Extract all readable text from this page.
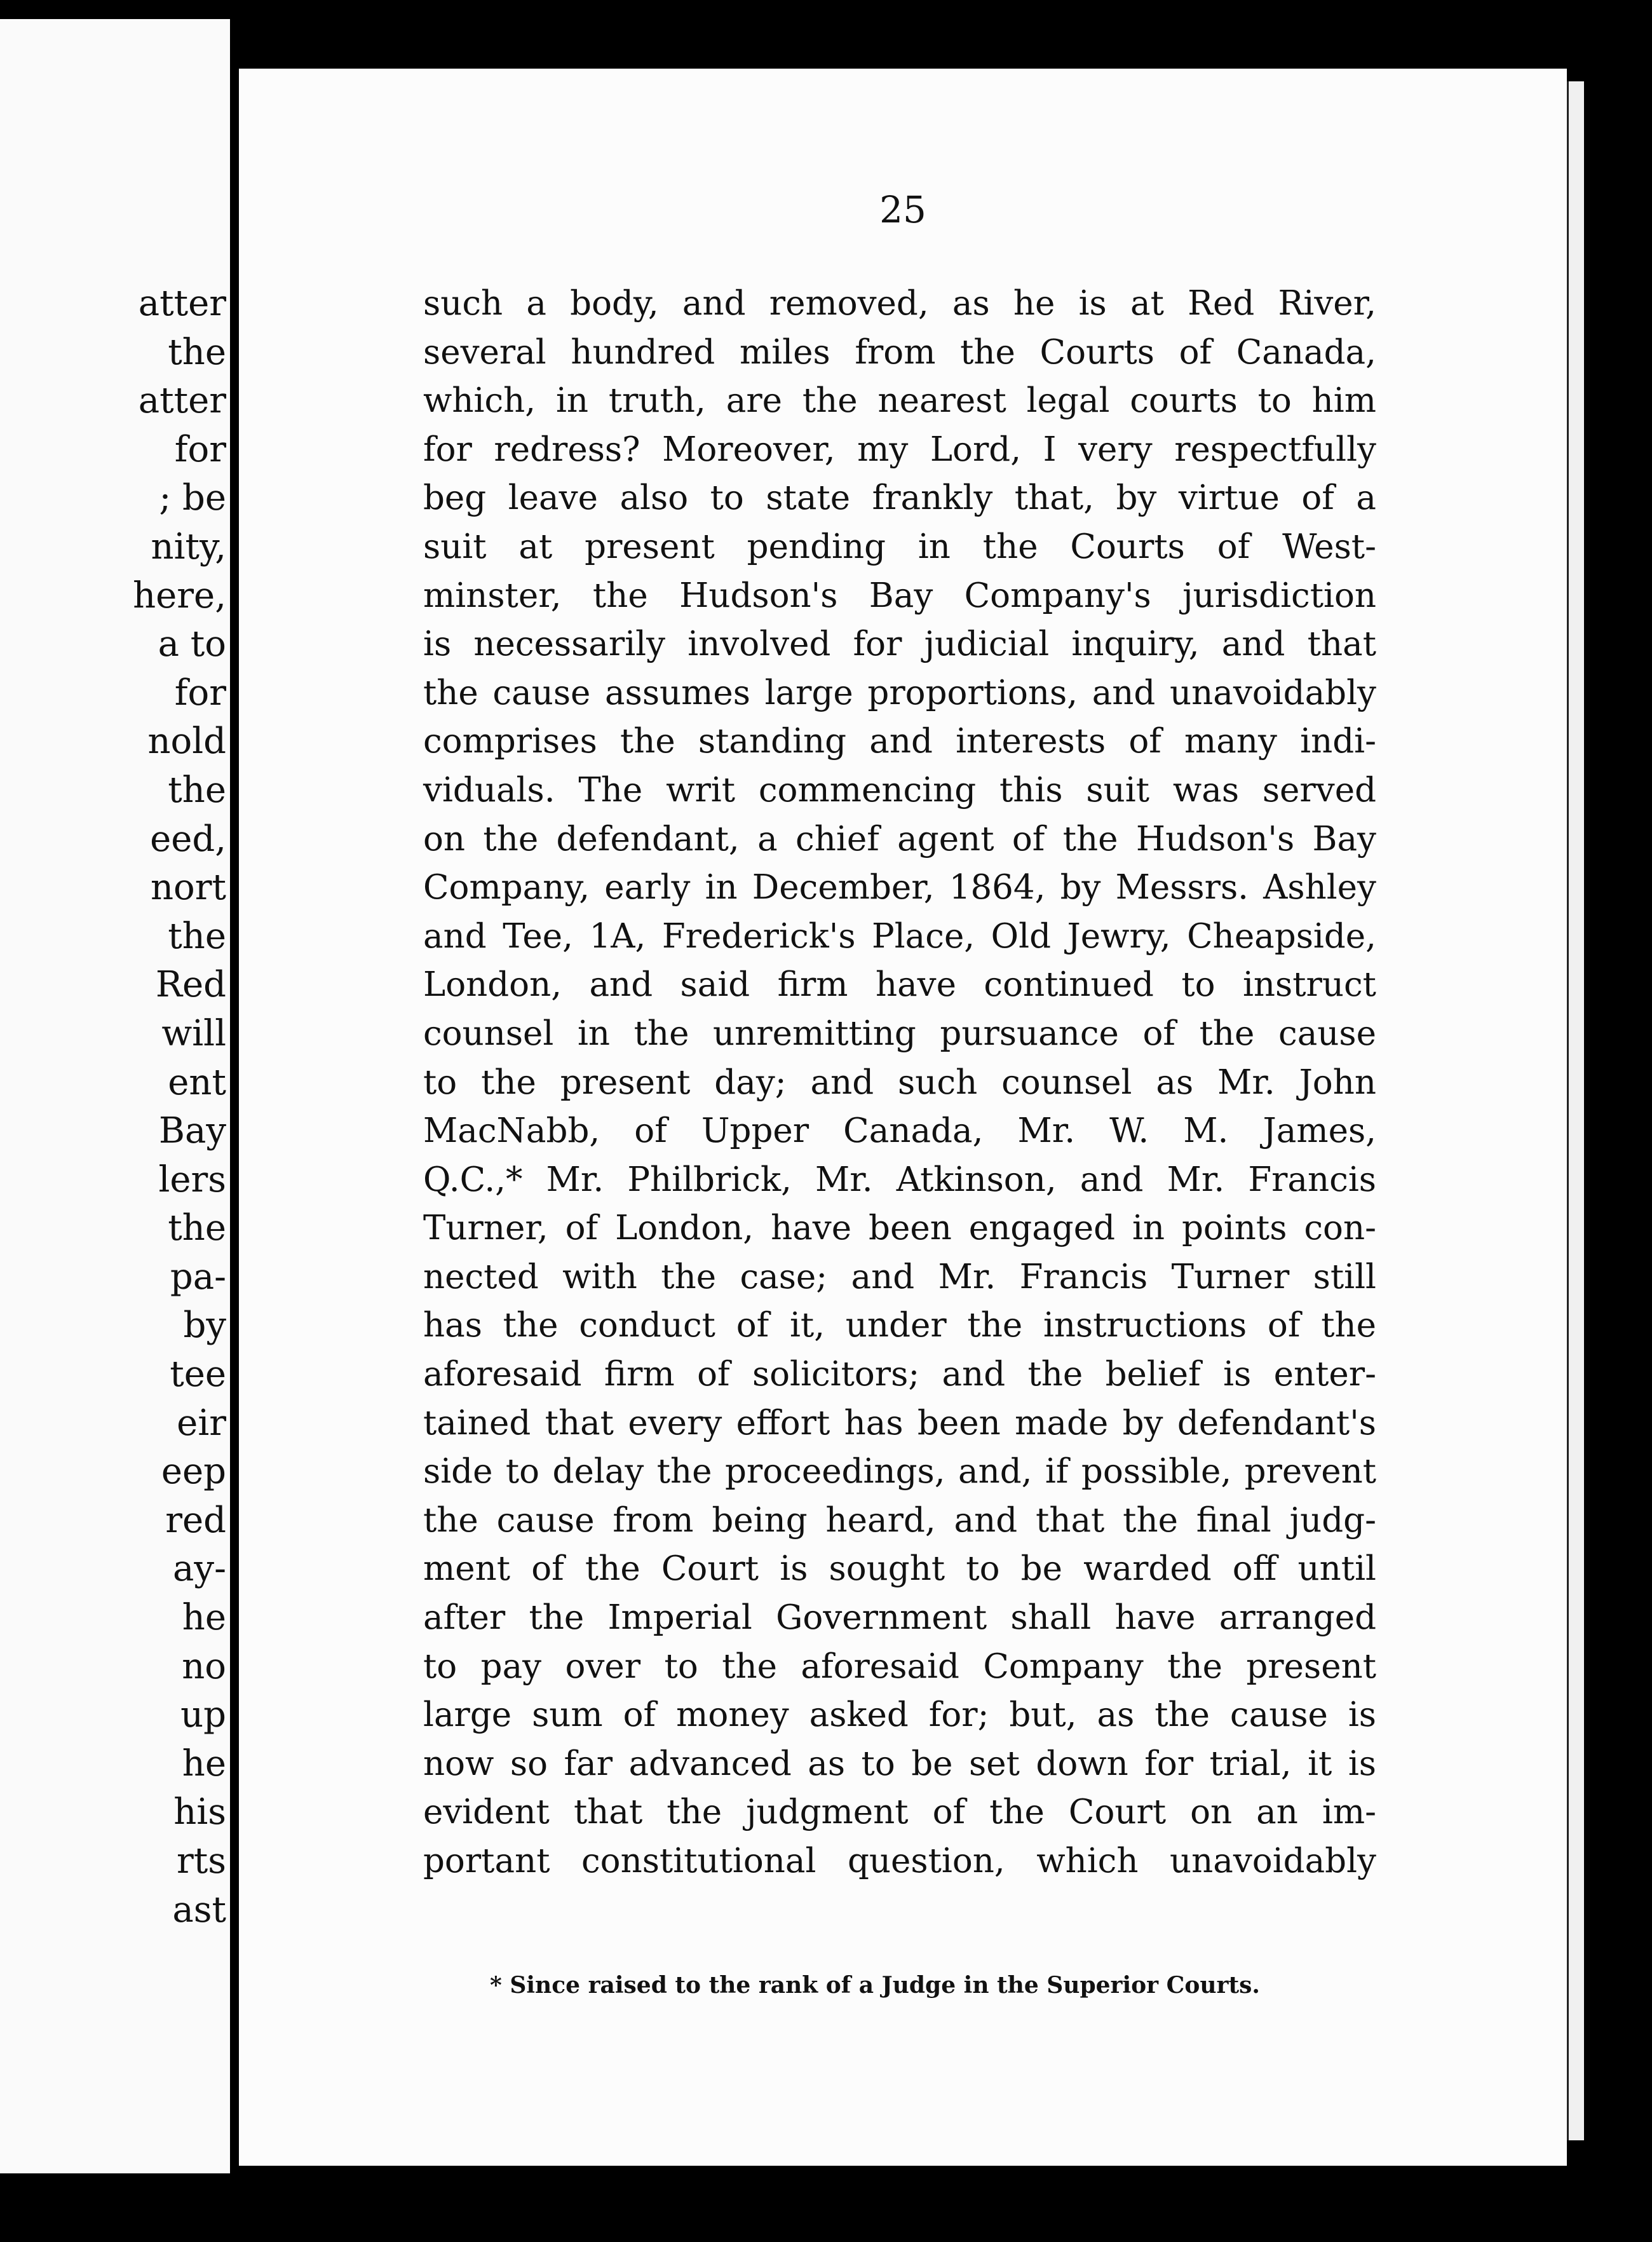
atter
the
atter
for
; be
nity,
here,
a to
for
nold
the
eed,
nort
the
Red
will
ent
Bay
lers
the
pa-
by
tee
eir
eep
red
ay-
he
no
up
he
his
rts
ast

25

such a body, and removed, as he is at Red River,
several hundred miles from the Courts of Canada,
which, in truth, are the nearest legal courts to him
for redress? Moreover, my Lord, I very respectfully
beg leave also to state frankly that, by virtue of a
suit at present pending in the Courts of West-
minster, the Hudson's Bay Company's jurisdiction
is necessarily involved for judicial inquiry, and that
the cause assumes large proportions, and unavoidably
comprises the standing and interests of many indi-
viduals. The writ commencing this suit was served
on the defendant, a chief agent of the Hudson's Bay
Company, early in December, 1864, by Messrs. Ashley
and Tee, 1A, Frederick's Place, Old Jewry, Cheapside,
London, and said firm have continued to instruct
counsel in the unremitting pursuance of the cause
to the present day; and such counsel as Mr. John
MacNabb, of Upper Canada, Mr. W. M. James,
Q.C.,* Mr. Philbrick, Mr. Atkinson, and Mr. Francis
Turner, of London, have been engaged in points con-
nected with the case; and Mr. Francis Turner still
has the conduct of it, under the instructions of the
aforesaid firm of solicitors; and the belief is enter-
tained that every effort has been made by defendant's
side to delay the proceedings, and, if possible, prevent
the cause from being heard, and that the final judg-
ment of the Court is sought to be warded off until
after the Imperial Government shall have arranged
to pay over to the aforesaid Company the present
large sum of money asked for; but, as the cause is
now so far advanced as to be set down for trial, it is
evident that the judgment of the Court on an im-
portant constitutional question, which unavoidably

* Since raised to the rank of a Judge in the Superior Courts.
